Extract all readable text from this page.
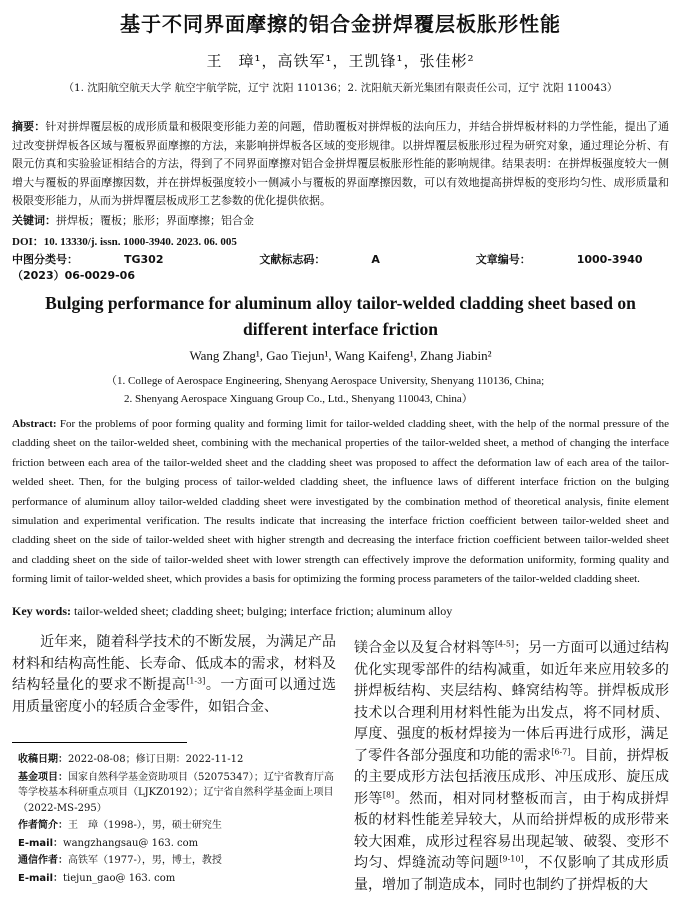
基于不同界面摩擦的铝合金拼焊覆层板胀形性能
王　璋¹，高铁军¹，王凯锋¹，张佳彬²
（1. 沈阳航空航天大学 航空宇航学院，辽宁 沈阳 110136；2. 沈阳航天新光集团有限责任公司，辽宁 沈阳 110043）
摘要：针对拼焊覆层板的成形质量和极限变形能力差的问题，借助覆板对拼焊板的法向压力，并结合拼焊板材料的力学性能，提出了通过改变拼焊板各区域与覆板界面摩擦的方法，来影响拼焊板各区域的变形规律。以拼焊覆层板胀形过程为研究对象，通过理论分析、有限元仿真和实验验证相结合的方法，得到了不同界面摩擦对铝合金拼焊覆层板胀形性能的影响规律。结果表明：在拼焊板强度较大一侧增大与覆板的界面摩擦因数，并在拼焊板强度较小一侧减小与覆板的界面摩擦因数，可以有效地提高拼焊板的变形均匀性、成形质量和极限变形能力，从而为拼焊覆层板成形工艺参数的优化提供依据。
关键词：拼焊板；覆板；胀形；界面摩擦；铝合金
DOI：10. 13330/j. issn. 1000-3940. 2023. 06. 005
中图分类号：	TG302	文献标志码：	A	文章编号：	1000-3940（2023）06-0029-06
Bulging performance for aluminum alloy tailor-welded cladding sheet based on different interface friction
Wang Zhang¹, Gao Tiejun¹, Wang Kaifeng¹, Zhang Jiabin²
（1. College of Aerospace Engineering, Shenyang Aerospace University, Shenyang 110136, China;
2. Shenyang Aerospace Xinguang Group Co., Ltd., Shenyang 110043, China）
Abstract: For the problems of poor forming quality and forming limit for tailor-welded cladding sheet, with the help of the normal pressure of the cladding sheet on the tailor-welded sheet, combining with the mechanical properties of the tailor-welded sheet, a method of changing the interface friction between each area of the tailor-welded sheet and the cladding sheet was proposed to affect the deformation law of each area of the tailor-welded sheet. Then, for the bulging process of tailor-welded cladding sheet, the influence laws of different interface friction on the bulging performance of aluminum alloy tailor-welded cladding sheet were investigated by the combination method of theoretical analysis, finite element simulation and experimental verification. The results indicate that increasing the interface friction coefficient between tailor-welded sheet and cladding sheet on the side of tailor-welded sheet with higher strength and decreasing the interface friction coefficient between tailor-welded sheet and cladding sheet on the side of tailor-welded sheet with lower strength can effectively improve the deformation uniformity, forming quality and forming limit of tailor-welded sheet, which provides a basis for optimizing the forming process parameters of the tailor-welded cladding sheet.
Key words: tailor-welded sheet; cladding sheet; bulging; interface friction; aluminum alloy
近年来，随着科学技术的不断发展，为满足产品材料和结构高性能、长寿命、低成本的需求，材料及结构轻量化的要求不断提高[1-3]。一方面可以通过选用质量密度小的轻质合金零件，如铝合金、

收稿日期：2022-08-08；修订日期：2022-11-12

基金项目：国家自然科学基金资助项目（52075347）；辽宁省教育厅高等学校基本科研重点项目（LJKZ0192）；辽宁省自然科学基金面上项目（2022-MS-295）

作者简介：王　璋（1998-），男，硕士研究生

E-mail：wangzhangsau@ 163. com

通信作者：高铁军（1977-），男，博士，教授

E-mail：tiejun_gao@ 163. com

镁合金以及复合材料等[4-5]；另一方面可以通过结构优化实现零部件的结构减重，如近年来应用较多的拼焊板结构、夹层结构、蜂窝结构等。拼焊板成形技术以合理利用材料性能为出发点，将不同材质、厚度、强度的板材焊接为一体后再进行成形，满足了零件各部分强度和功能的需求[6-7]。目前，拼焊板的主要成形方法包括液压成形、冲压成形、旋压成形等[8]。然而，相对同材整板而言，由于构成拼焊板的材料性能差异较大，从而给拼焊板的成形带来较大困难，成形过程容易出现起皱、破裂、变形不均匀、焊缝流动等问题[9-10]，不仅影响了其成形质量，增加了制造成本，同时也制约了拼焊板的大
